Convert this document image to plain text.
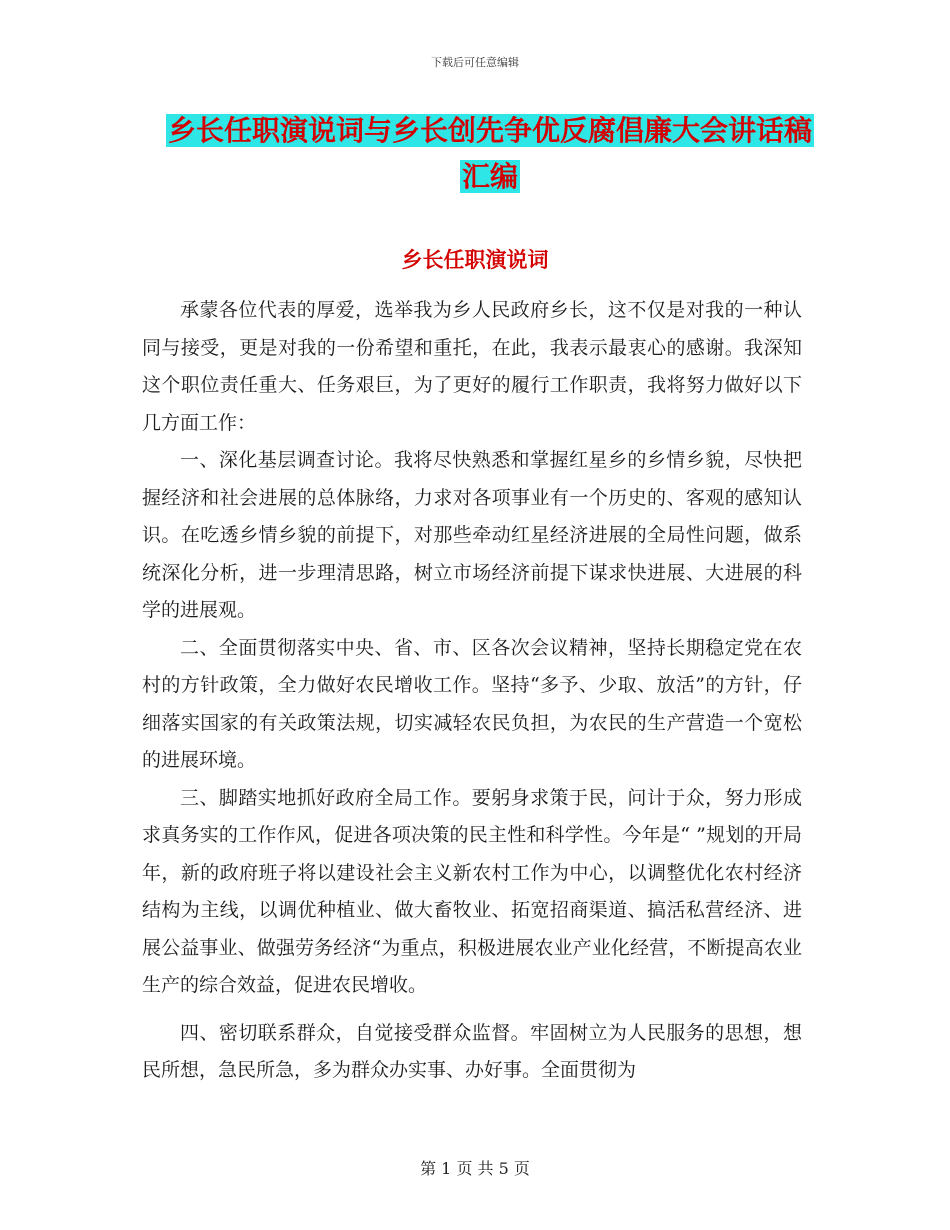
下载后可任意编辑
乡长任职演说词与乡长创先争优反腐倡廉大会讲话稿
汇编
乡长任职演说词

承蒙各位代表的厚爱，选举我为乡人民政府乡长，这不仅是对我的一种认同与接受，更是对我的一份希望和重托，在此，我表示最衷心的感谢。我深知这个职位责任重大、任务艰巨，为了更好的履行工作职责，我将努力做好以下几方面工作：

一、深化基层调查讨论。我将尽快熟悉和掌握红星乡的乡情乡貌，尽快把握经济和社会进展的总体脉络，力求对各项事业有一个历史的、客观的感知认识。在吃透乡情乡貌的前提下，对那些牵动红星经济进展的全局性问题，做系统深化分析，进一步理清思路，树立市场经济前提下谋求快进展、大进展的科学的进展观。

二、全面贯彻落实中央、省、市、区各次会议精神，坚持长期稳定党在农村的方针政策，全力做好农民增收工作。坚持“多予、少取、放活”的方针，仔细落实国家的有关政策法规，切实减轻农民负担，为农民的生产营造一个宽松的进展环境。

三、脚踏实地抓好政府全局工作。要躬身求策于民，问计于众，努力形成求真务实的工作作风，促进各项决策的民主性和科学性。今年是“ ”规划的开局年，新的政府班子将以建设社会主义新农村工作为中心，以调整优化农村经济结构为主线，以调优种植业、做大畜牧业、拓宽招商渠道、搞活私营经济、进展公益事业、做强劳务经济“为重点，积极进展农业产业化经营，不断提高农业生产的综合效益，促进农民增收。

四、密切联系群众，自觉接受群众监督。牢固树立为人民服务的思想，想民所想，急民所急，多为群众办实事、办好事。全面贯彻为

第 1 页 共 5 页
